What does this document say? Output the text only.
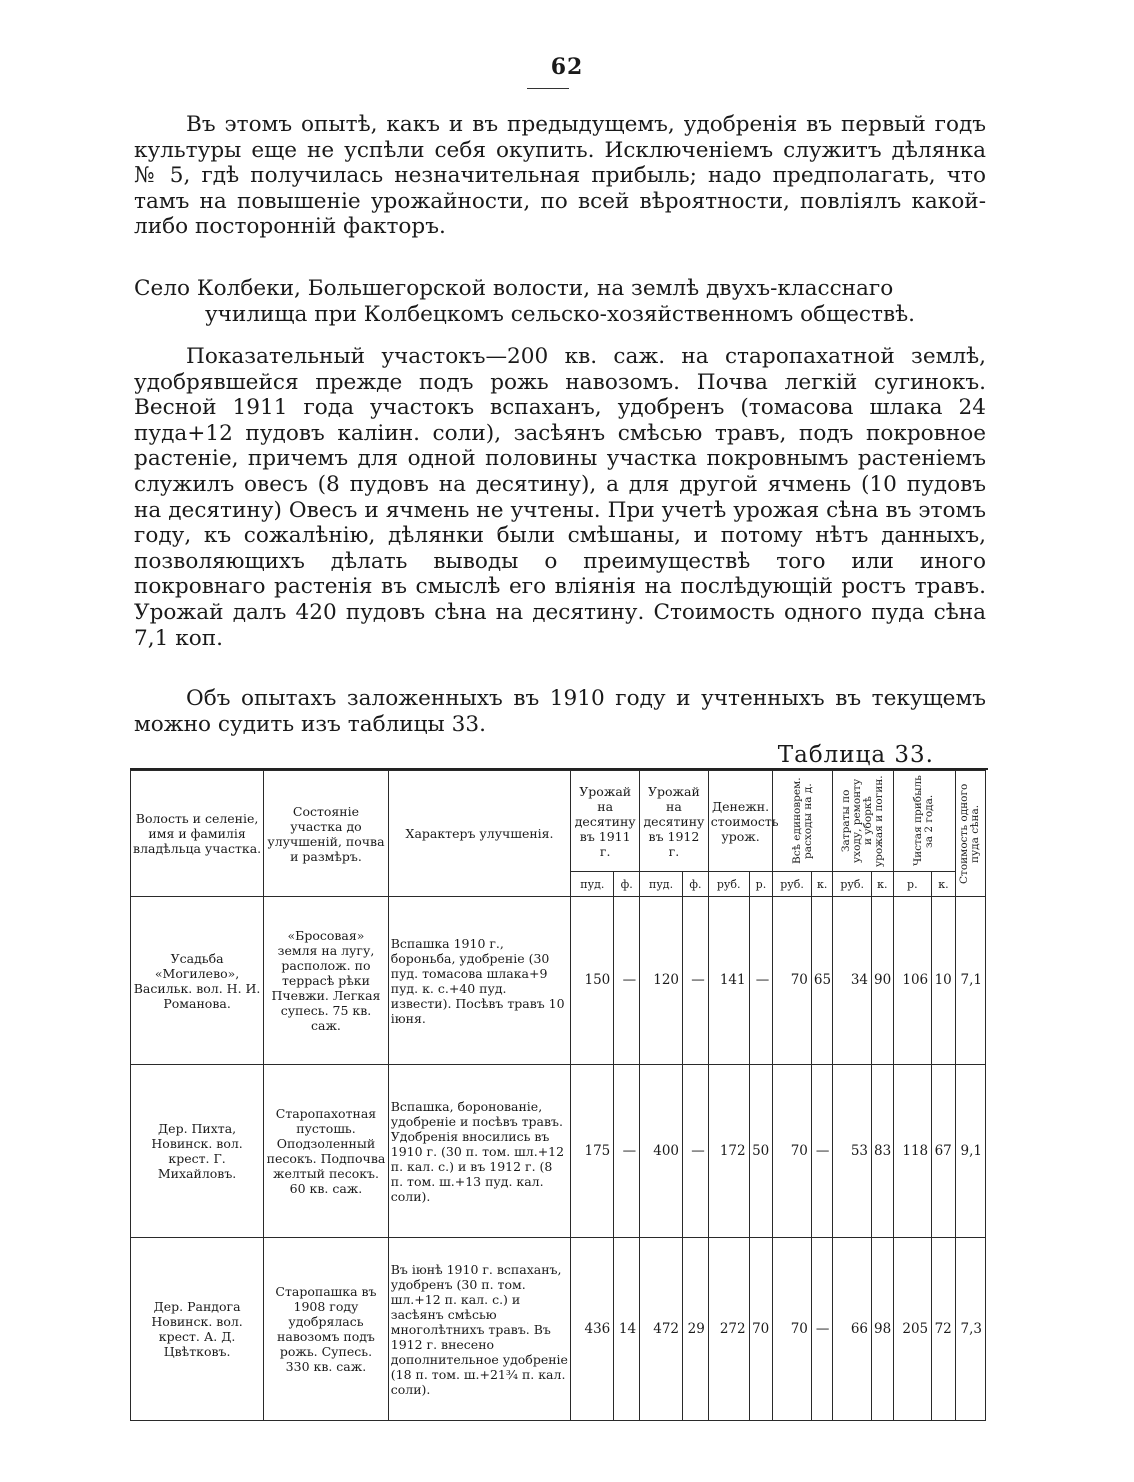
62

Въ этомъ опытѣ, какъ и въ предыдущемъ, удобренія въ первый годъ культуры еще не успѣли себя окупить. Исключеніемъ служитъ дѣлянка № 5, гдѣ получилась незначительная прибыль; надо предполагать, что тамъ на повышеніе урожайности, по всей вѣроятности, повліялъ какой-либо посторонній факторъ.

Село Колбеки, Большегорской волости, на землѣ двухъ-класснаго
училища при Колбецкомъ сельско-хозяйственномъ обществѣ.

Показательный участокъ—200 кв. саж. на старопахатной землѣ, удобрявшейся прежде подъ рожь навозомъ. Почва легкій сугинокъ. Весной 1911 года участокъ вспаханъ, удобренъ (томасова шлака 24 пуда+12 пудовъ каліин. соли), засѣянъ смѣсью травъ, подъ покровное растеніе, причемъ для одной половины участка покровнымъ растеніемъ служилъ овесъ (8 пудовъ на десятину), а для другой ячмень (10 пудовъ на десятину) Овесъ и ячмень не учтены. При учетѣ урожая сѣна въ этомъ году, къ сожалѣнію, дѣлянки были смѣшаны, и потому нѣтъ данныхъ, позволяющихъ дѣлать выводы о преимуществѣ того или иного покровнаго растенія въ смыслѣ его вліянія на послѣдующій ростъ травъ. Урожай далъ 420 пудовъ сѣна на десятину. Стоимость одного пуда сѣна 7,1 коп.

Объ опытахъ заложенныхъ въ 1910 году и учтенныхъ въ текущемъ можно судить изъ таблицы 33.

Таблица 33.
Волость и селеніе, имя и фамилія владѣльца участка.	Состояніе участка до улучшеній, почва и размѣръ.	Характеръ улучшенія.	Урожай на десятину въ 1911 г.		Урожай на десятину въ 1912 г.		Денежн. стоимость урож.		Всѣ единоврем. расходы на д.		Затраты по уходу, ремонту и уборкѣ урожая и погин.		Чистая прибыль за 2 года.		Стоимость одного пуда сѣна.

			пуд.	ф.	пуд.	ф.	руб.	р.	руб.	к.	руб.	к.	р.	к.	
Усадьба «Могилево», Васильк. вол. Н. И. Романова.	«Бросовая» земля на лугу, располож. по террасѣ рѣки Пчевжи. Легкая супесь. 75 кв. саж.	Вспашка 1910 г., бороньба, удобреніе (30 пуд. томасова шлака+9 пуд. к. с.+40 пуд. извести). Посѣвъ травъ 10 іюня.	150	—	120	—	141	—	70	65	34	90	106	10	7,1
Дер. Пихта, Новинск. вол. крест. Г. Михайловъ.	Старопахотная пустошь. Оподзоленный песокъ. Подпочва желтый песокъ. 60 кв. саж.	Вспашка, боронованіе, удобреніе и посѣвъ травъ. Удобренія вносились въ 1910 г. (30 п. том. шл.+12 п. кал. с.) и въ 1912 г. (8 п. том. ш.+13 пуд. кал. соли).	175	—	400	—	172	50	70	—	53	83	118	67	9,1
Дер. Рандога Новинск. вол. крест. А. Д. Цвѣтковъ.	Старопашка въ 1908 году удобрялась навозомъ подъ рожь. Супесь. 330 кв. саж.	Въ іюнѣ 1910 г. вспаханъ, удобренъ (30 п. том. шл.+12 п. кал. с.) и засѣянъ смѣсью многолѣтнихъ травъ. Въ 1912 г. внесено дополнительное удобреніе (18 п. том. ш.+21¾ п. кал. соли).	436	14	472	29	272	70	70	—	66	98	205	72	7,3
